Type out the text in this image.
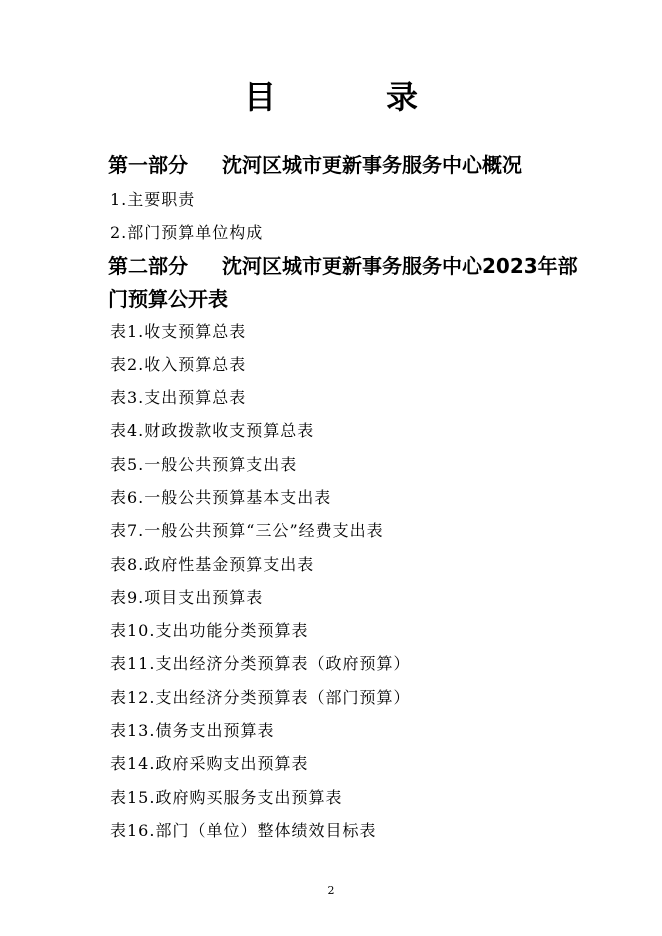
目	录
第一部分 沈河区城市更新事务服务中心概况
1.主要职责
2.部门预算单位构成
第二部分 沈河区城市更新事务服务中心2023年部门预算公开表
表1.收支预算总表
表2.收入预算总表
表3.支出预算总表
表4.财政拨款收支预算总表
表5.一般公共预算支出表
表6.一般公共预算基本支出表
表7.一般公共预算“三公”经费支出表
表8.政府性基金预算支出表
表9.项目支出预算表
表10.支出功能分类预算表
表11.支出经济分类预算表（政府预算）
表12.支出经济分类预算表（部门预算）
表13.债务支出预算表
表14.政府采购支出预算表
表15.政府购买服务支出预算表
表16.部门（单位）整体绩效目标表
2
